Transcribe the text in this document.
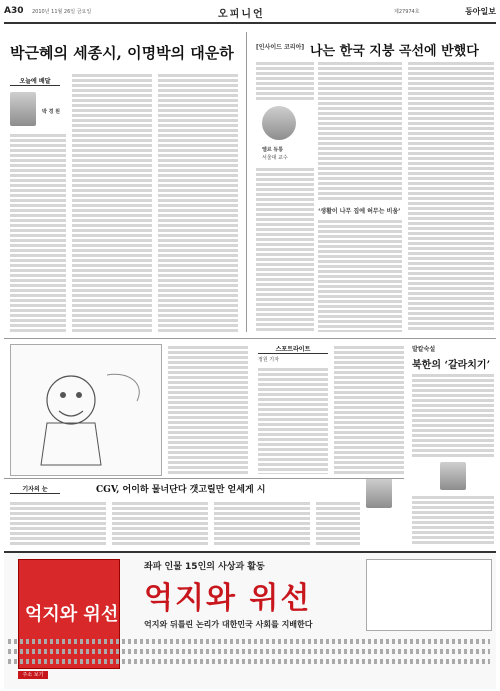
A30 2010년 11월 26일 금요일	오피니언	제27974호	동아일보
박근혜의 세종시, 이명박의 대운하
오늘에 배달
박 경 원
[인사이드 코리아] 나는 한국 지붕 곡선에 반했다
엘르 듀롱
서울대 교수
‘생활이 나무 집에 허무는 비움’
스포트라이트
정원 기자
발칼숙설
북한의 ‘갈라치기’
기자의 눈	CGV, 어이하 물너단다 갯고릴만 얻세게 시
억지와 위선
좌파 인물 15인의 사상과 활동
억지와 위선
억지와 뒤틀린 논리가 대한민국 사회를 지배한다
주소 보기
